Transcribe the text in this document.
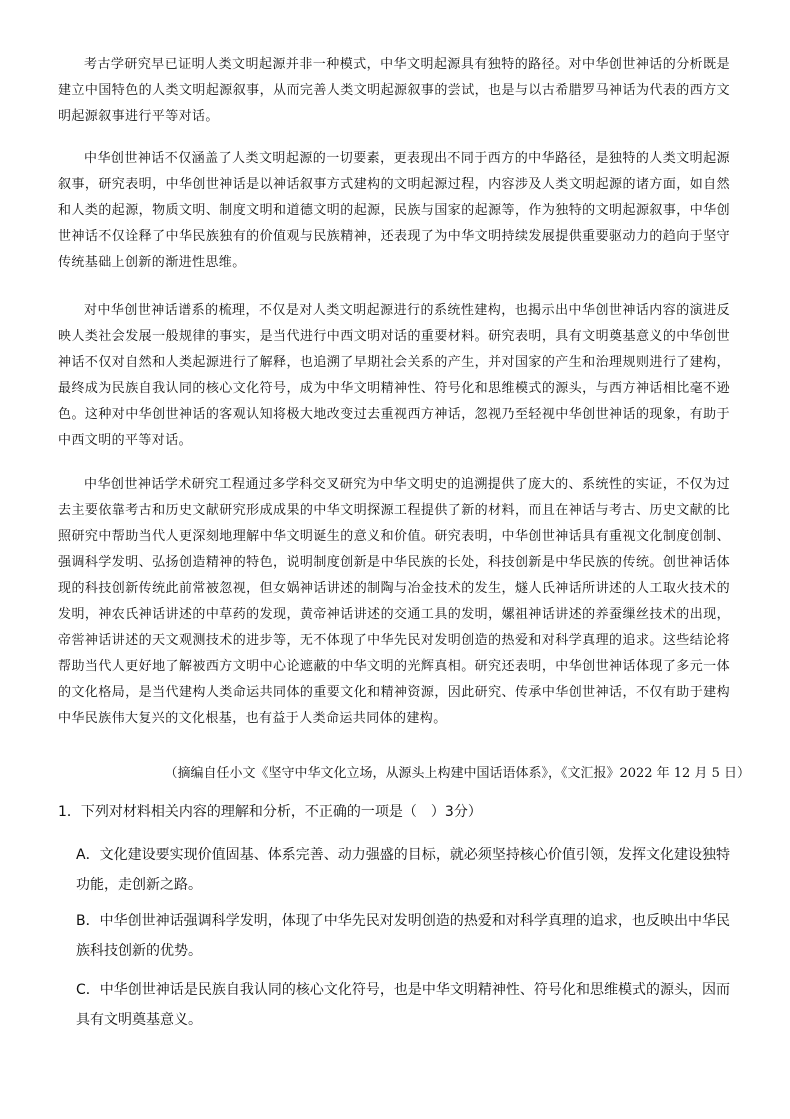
考古学研究早已证明人类文明起源并非一种模式，中华文明起源具有独特的路径。对中华创世神话的分析既是建立中国特色的人类文明起源叙事，从而完善人类文明起源叙事的尝试，也是与以古希腊罗马神话为代表的西方文明起源叙事进行平等对话。

中华创世神话不仅涵盖了人类文明起源的一切要素，更表现出不同于西方的中华路径，是独特的人类文明起源叙事，研究表明，中华创世神话是以神话叙事方式建构的文明起源过程，内容涉及人类文明起源的诸方面，如自然和人类的起源，物质文明、制度文明和道德文明的起源，民族与国家的起源等，作为独特的文明起源叙事，中华创世神话不仅诠释了中华民族独有的价值观与民族精神，还表现了为中华文明持续发展提供重要驱动力的趋向于坚守传统基础上创新的渐进性思维。

对中华创世神话谱系的梳理，不仅是对人类文明起源进行的系统性建构，也揭示出中华创世神话内容的演进反映人类社会发展一般规律的事实，是当代进行中西文明对话的重要材料。研究表明，具有文明奠基意义的中华创世神话不仅对自然和人类起源进行了解释，也追溯了早期社会关系的产生，并对国家的产生和治理规则进行了建构，最终成为民族自我认同的核心文化符号，成为中华文明精神性、符号化和思维模式的源头，与西方神话相比毫不逊色。这种对中华创世神话的客观认知将极大地改变过去重视西方神话，忽视乃至轻视中华创世神话的现象，有助于中西文明的平等对话。

中华创世神话学术研究工程通过多学科交叉研究为中华文明史的追溯提供了庞大的、系统性的实证，不仅为过去主要依靠考古和历史文献研究形成成果的中华文明探源工程提供了新的材料，而且在神话与考古、历史文献的比照研究中帮助当代人更深刻地理解中华文明诞生的意义和价值。研究表明，中华创世神话具有重视文化制度创制、强调科学发明、弘扬创造精神的特色，说明制度创新是中华民族的长处，科技创新是中华民族的传统。创世神话体现的科技创新传统此前常被忽视，但女娲神话讲述的制陶与冶金技术的发生，燧人氏神话所讲述的人工取火技术的发明，神农氏神话讲述的中草药的发现，黄帝神话讲述的交通工具的发明，嫘祖神话讲述的养蚕缫丝技术的出现，帝喾神话讲述的天文观测技术的进步等，无不体现了中华先民对发明创造的热爱和对科学真理的追求。这些结论将帮助当代人更好地了解被西方文明中心论遮蔽的中华文明的光辉真相。研究还表明，中华创世神话体现了多元一体的文化格局，是当代建构人类命运共同体的重要文化和精神资源，因此研究、传承中华创世神话，不仅有助于建构中华民族伟大复兴的文化根基，也有益于人类命运共同体的建构。

（摘编自任小文《坚守中华文化立场，从源头上构建中国话语体系》，《文汇报》2022 年 12 月 5 日）

1．下列对材料相关内容的理解和分析，不正确的一项是（　）3分）

A．文化建设要实现价值固基、体系完善、动力强盛的目标，就必须坚持核心价值引领，发挥文化建设独特功能，走创新之路。

B．中华创世神话强调科学发明，体现了中华先民对发明创造的热爱和对科学真理的追求，也反映出中华民族科技创新的优势。

C．中华创世神话是民族自我认同的核心文化符号，也是中华文明精神性、符号化和思维模式的源头，因而具有文明奠基意义。
